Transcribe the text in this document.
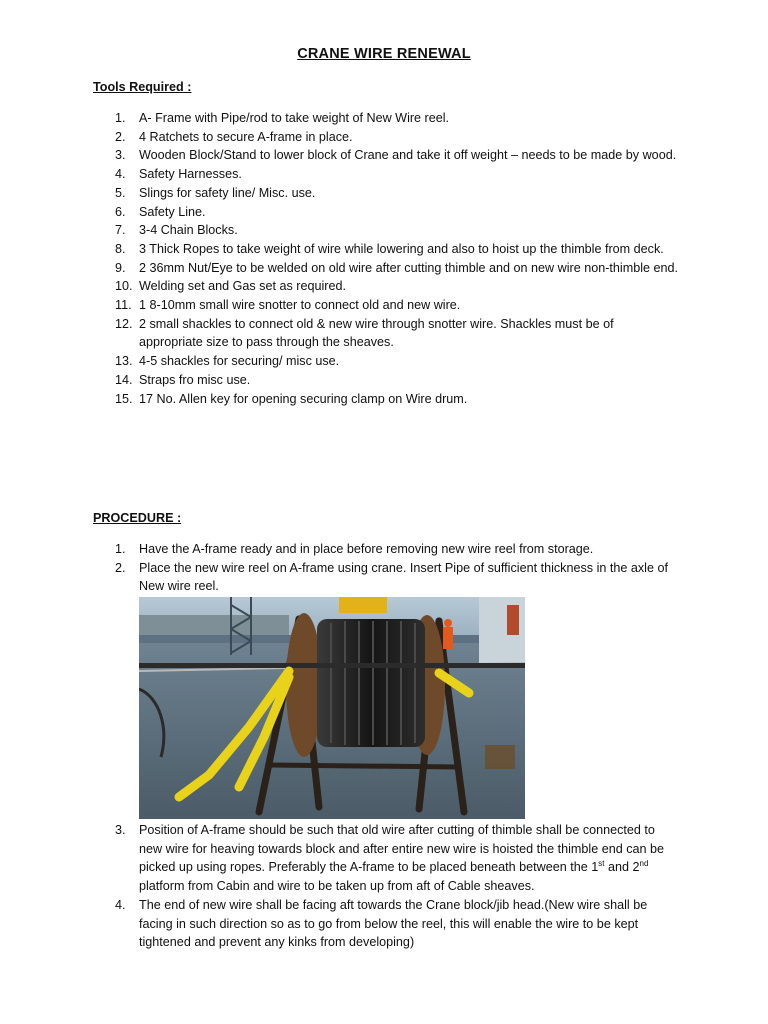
CRANE WIRE RENEWAL
Tools Required :
1. A- Frame with Pipe/rod to take weight of New Wire reel.
2. 4 Ratchets to secure A-frame in place.
3. Wooden Block/Stand to lower block of Crane and take it off weight – needs to be made by wood.
4. Safety Harnesses.
5. Slings for safety line/ Misc. use.
6. Safety Line.
7. 3-4 Chain Blocks.
8. 3 Thick Ropes to take weight of wire while lowering and also to hoist up the thimble from deck.
9. 2 36mm Nut/Eye to be welded on old wire after cutting thimble and on new wire non-thimble end.
10. Welding set and Gas set as required.
11. 1 8-10mm small wire snotter to connect old and new wire.
12. 2 small shackles to connect old & new wire through snotter wire. Shackles must be of appropriate size to pass through the sheaves.
13. 4-5 shackles for securing/ misc use.
14. Straps fro misc use.
15. 17 No. Allen key for opening securing clamp on Wire drum.
PROCEDURE :
1. Have the A-frame ready and in place before removing new wire reel from storage.
2. Place the new wire reel on A-frame using crane. Insert Pipe of sufficient thickness in the axle of New wire reel.
3. Position of A-frame should be such that old wire after cutting of thimble shall be connected to new wire for heaving towards block and after entire new wire is hoisted the thimble end can be picked up using ropes. Preferably the A-frame to be placed beneath between the 1st and 2nd platform from Cabin and wire to be taken up from aft of Cable sheaves.
4. The end of new wire shall be facing aft towards the Crane block/jib head.(New wire shall be facing in such direction so as to go from below the reel, this will enable the wire to be kept tightened and prevent any kinks from developing)
